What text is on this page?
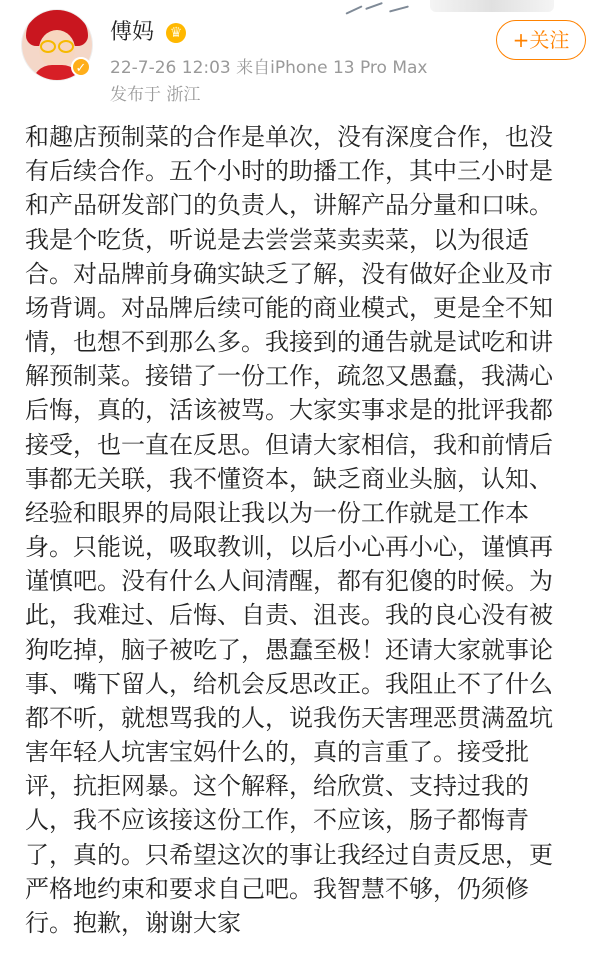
✓
傅妈 ♛
22-7-26 12:03 来自iPhone 13 Pro Max
发布于 浙江
+关注
和趣店预制菜的合作是单次，没有深度合作，也没
有后续合作。五个小时的助播工作，其中三小时是
和产品研发部门的负责人，讲解产品分量和口味。
我是个吃货，听说是去尝尝菜卖卖菜，以为很适
合。对品牌前身确实缺乏了解，没有做好企业及市
场背调。对品牌后续可能的商业模式，更是全不知
情，也想不到那么多。我接到的通告就是试吃和讲
解预制菜。接错了一份工作，疏忽又愚蠢，我满心
后悔，真的，活该被骂。大家实事求是的批评我都
接受，也一直在反思。但请大家相信，我和前情后
事都无关联，我不懂资本，缺乏商业头脑，认知、
经验和眼界的局限让我以为一份工作就是工作本
身。只能说，吸取教训，以后小心再小心，谨慎再
谨慎吧。没有什么人间清醒，都有犯傻的时候。为
此，我难过、后悔、自责、沮丧。我的良心没有被
狗吃掉，脑子被吃了，愚蠢至极！还请大家就事论
事、嘴下留人，给机会反思改正。我阻止不了什么
都不听，就想骂我的人，说我伤天害理恶贯满盈坑
害年轻人坑害宝妈什么的，真的言重了。接受批
评，抗拒网暴。这个解释，给欣赏、支持过我的
人，我不应该接这份工作，不应该，肠子都悔青
了，真的。只希望这次的事让我经过自责反思，更
严格地约束和要求自己吧。我智慧不够，仍须修
行。抱歉，谢谢大家
